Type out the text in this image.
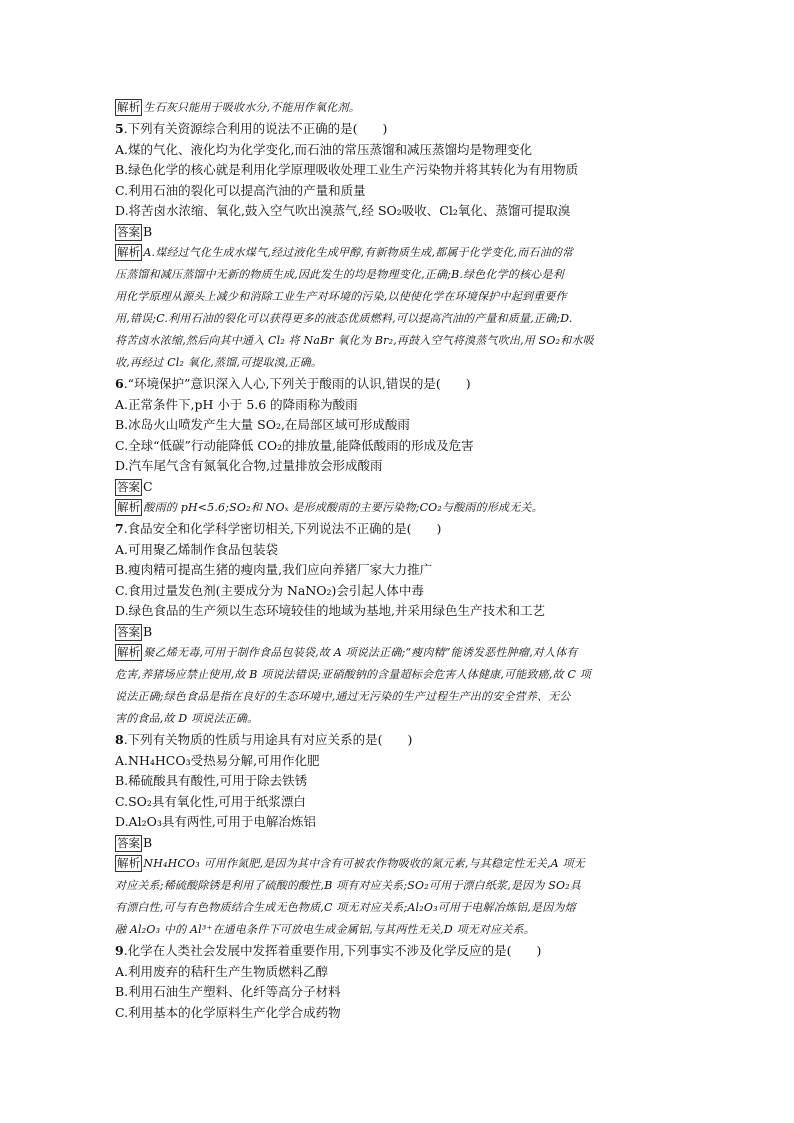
解析 生石灰只能用于吸收水分,不能用作氧化剂。
5.下列有关资源综合利用的说法不正确的是(　　)
A.煤的气化、液化均为化学变化,而石油的常压蒸馏和减压蒸馏均是物理变化
B.绿色化学的核心就是利用化学原理吸收处理工业生产污染物并将其转化为有用物质
C.利用石油的裂化可以提高汽油的产量和质量
D.将苦卤水浓缩、氧化,鼓入空气吹出溴蒸气,经 SO₂吸收、Cl₂氧化、蒸馏可提取溴
答案 B
解析 A.煤经过气化生成水煤气,经过液化生成甲醇,有新物质生成,都属于化学变化,而石油的常
压蒸馏和减压蒸馏中无新的物质生成,因此发生的均是物理变化,正确;B.绿色化学的核心是利
用化学原理从源头上减少和消除工业生产对环境的污染,以使使化学在环境保护中起到重要作
用,错误;C.利用石油的裂化可以获得更多的液态优质燃料,可以提高汽油的产量和质量,正确;D.
将苦卤水浓缩,然后向其中通入 Cl₂ 将 NaBr 氧化为 Br₂,再鼓入空气将溴蒸气吹出,用 SO₂和水吸
收,再经过 Cl₂ 氧化,蒸馏,可提取溴,正确。
6.“环境保护”意识深入人心,下列关于酸雨的认识,错误的是(　　)
A.正常条件下,pH 小于 5.6 的降雨称为酸雨
B.冰岛火山喷发产生大量 SO₂,在局部区域可形成酸雨
C.全球“低碳”行动能降低 CO₂的排放量,能降低酸雨的形成及危害
D.汽车尾气含有氮氧化合物,过量排放会形成酸雨
答案 C
解析 酸雨的 pH<5.6;SO₂和 NOₓ 是形成酸雨的主要污染物;CO₂与酸雨的形成无关。
7.食品安全和化学科学密切相关,下列说法不正确的是(　　)
A.可用聚乙烯制作食品包装袋
B.瘦肉精可提高生猪的瘦肉量,我们应向养猪厂家大力推广
C.食用过量发色剂(主要成分为 NaNO₂)会引起人体中毒
D.绿色食品的生产须以生态环境较佳的地域为基地,并采用绿色生产技术和工艺
答案 B
解析 聚乙烯无毒,可用于制作食品包装袋,故 A 项说法正确;“瘦肉精”能诱发恶性肿瘤,对人体有
危害,养猪场应禁止使用,故 B 项说法错误;亚硝酸钠的含量超标会危害人体健康,可能致癌,故 C 项
说法正确;绿色食品是指在良好的生态环境中,通过无污染的生产过程生产出的安全营养、无公
害的食品,故 D 项说法正确。
8.下列有关物质的性质与用途具有对应关系的是(　　)
A.NH₄HCO₃受热易分解,可用作化肥
B.稀硫酸具有酸性,可用于除去铁锈
C.SO₂具有氧化性,可用于纸浆漂白
D.Al₂O₃具有两性,可用于电解冶炼铝
答案 B
解析 NH₄HCO₃ 可用作氮肥,是因为其中含有可被农作物吸收的氮元素,与其稳定性无关,A 项无
对应关系;稀硫酸除锈是利用了硫酸的酸性,B 项有对应关系;SO₂可用于漂白纸浆,是因为 SO₂具
有漂白性,可与有色物质结合生成无色物质,C 项无对应关系;Al₂O₃可用于电解冶炼铝,是因为熔
融 Al₂O₃ 中的 Al³⁺在通电条件下可放电生成金属铝,与其两性无关,D 项无对应关系。
9.化学在人类社会发展中发挥着重要作用,下列事实不涉及化学反应的是(　　)
A.利用废弃的秸秆生产生物质燃料乙醇
B.利用石油生产塑料、化纤等高分子材料
C.利用基本的化学原料生产化学合成药物
